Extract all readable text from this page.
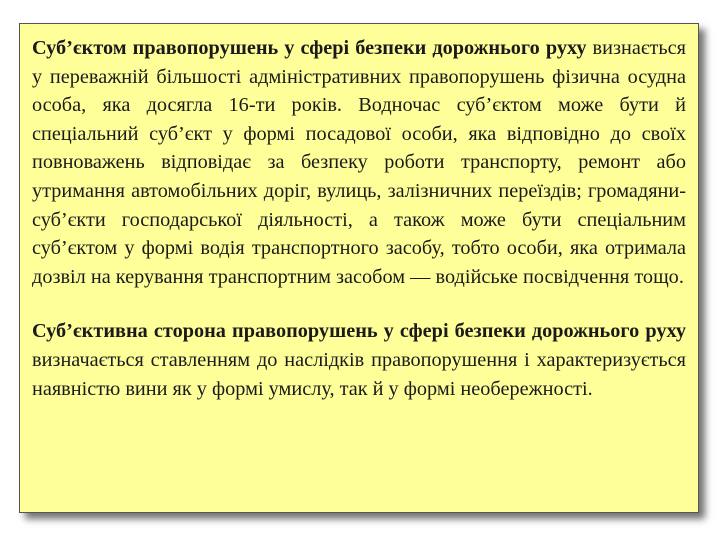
Суб’єктом правопорушень у сфері безпеки дорожнього руху визнається у переважній більшості адміністративних правопорушень фізична осудна особа, яка досягла 16-ти років. Водночас суб’єктом може бути й спеціальний суб’єкт у формі посадової особи, яка відповідно до своїх повноважень відповідає за безпеку роботи транспорту, ремонт або утримання автомобільних доріг, вулиць, залізничних переїздів; громадяни-суб’єкти господарської діяльності, а також може бути спеціальним суб’єктом у формі водія транспортного засобу, тобто особи, яка отримала дозвіл на керування транспортним засобом — водійське посвідчення тощо.

Суб’єктивна сторона правопорушень у сфері безпеки дорожнього руху визначається ставленням до наслідків правопорушення і характеризується наявністю вини як у формі умислу, так й у формі необережності.
